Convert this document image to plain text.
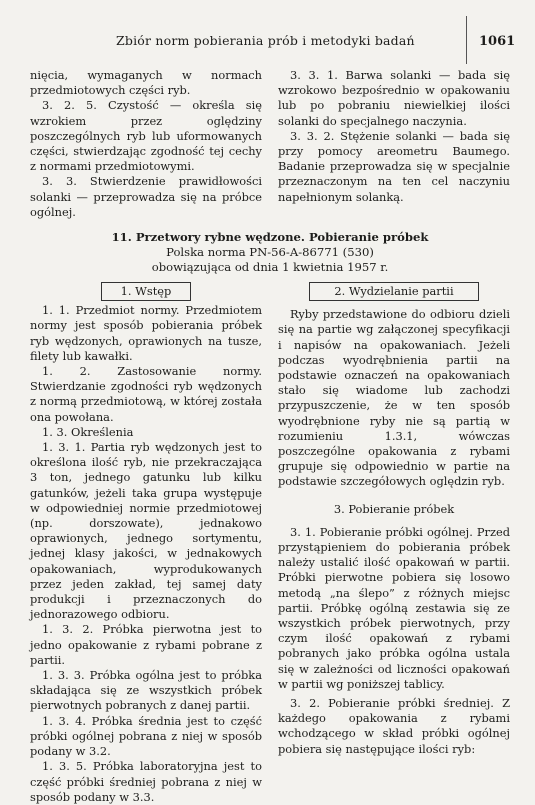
Zbiór norm pobierania prób i metodyki badań	1061

nięcia, wymaganych w normach przedmiotowych części ryb.

3. 2. 5. Czystość — określa się wzrokiem przez oględziny poszczególnych ryb lub uformowanych części, stwierdzając zgodność tej cechy z normami przedmiotowymi.

3. 3. Stwierdzenie prawidłowości solanki — przeprowadza się na próbce ogólnej.

3. 3. 1. Barwa solanki — bada się wzrokowo bezpośrednio w opakowaniu lub po pobraniu niewielkiej ilości solanki do specjalnego naczynia.

3. 3. 2. Stężenie solanki — bada się przy pomocy areometru Baumego. Badanie przeprowadza się w specjalnie przeznaczonym na ten cel naczyniu napełnionym solanką.

11. Przetwory rybne wędzone. Pobieranie próbek
Polska norma PN-56-A-86771 (530)
obowiązująca od dnia 1 kwietnia 1957 r.
1. Wstęp

1. 1. Przedmiot normy. Przedmiotem normy jest sposób pobierania próbek ryb wędzonych, oprawionych na tusze, filety lub kawałki.

1. 2. Zastosowanie normy. Stwierdzanie zgodności ryb wędzonych z normą przedmiotową, w której została ona powołana.

1. 3. Określenia

1. 3. 1. Partia ryb wędzonych jest to określona ilość ryb, nie przekraczająca 3 ton, jednego gatunku lub kilku gatunków, jeżeli taka grupa występuje w odpowiedniej normie przedmiotowej (np. dorszowate), jednakowo oprawionych, jednego sortymentu, jednej klasy jakości, w jednakowych opakowaniach, wyprodukowanych przez jeden zakład, tej samej daty produkcji i przeznaczonych do jednorazowego odbioru.

1. 3. 2. Próbka pierwotna jest to jedno opakowanie z rybami pobrane z partii.

1. 3. 3. Próbka ogólna jest to próbka składająca się ze wszystkich próbek pierwotnych pobranych z danej partii.

1. 3. 4. Próbka średnia jest to część próbki ogólnej pobrana z niej w sposób podany w 3.2.

1. 3. 5. Próbka laboratoryjna jest to część próbki średniej pobrana z niej w sposób podany w 3.3.

2. Wydzielanie partii

Ryby przedstawione do odbioru dzieli się na partie wg załączonej specyfikacji i napisów na opakowaniach. Jeżeli podczas wyodrębnienia partii na podstawie oznaczeń na opakowaniach stało się wiadome lub zachodzi przypuszczenie, że w ten sposób wyodrębnione ryby nie są partią w rozumieniu 1.3.1, wówczas poszczególne opakowania z rybami grupuje się odpowiednio w partie na podstawie szczegółowych oględzin ryb.

3. Pobieranie próbek

3. 1. Pobieranie próbki ogólnej. Przed przystąpieniem do pobierania próbek należy ustalić ilość opakowań w partii. Próbki pierwotne pobiera się losowo metodą „na ślepo” z różnych miejsc partii. Próbkę ogólną zestawia się ze wszystkich próbek pierwotnych, przy czym ilość opakowań z rybami pobranych jako próbka ogólna ustala się w zależności od liczności opakowań w partii wg poniższej tablicy.

3. 2. Pobieranie próbki średniej. Z każdego opakowania z rybami wchodzącego w skład próbki ogólnej pobiera się następujące ilości ryb:
